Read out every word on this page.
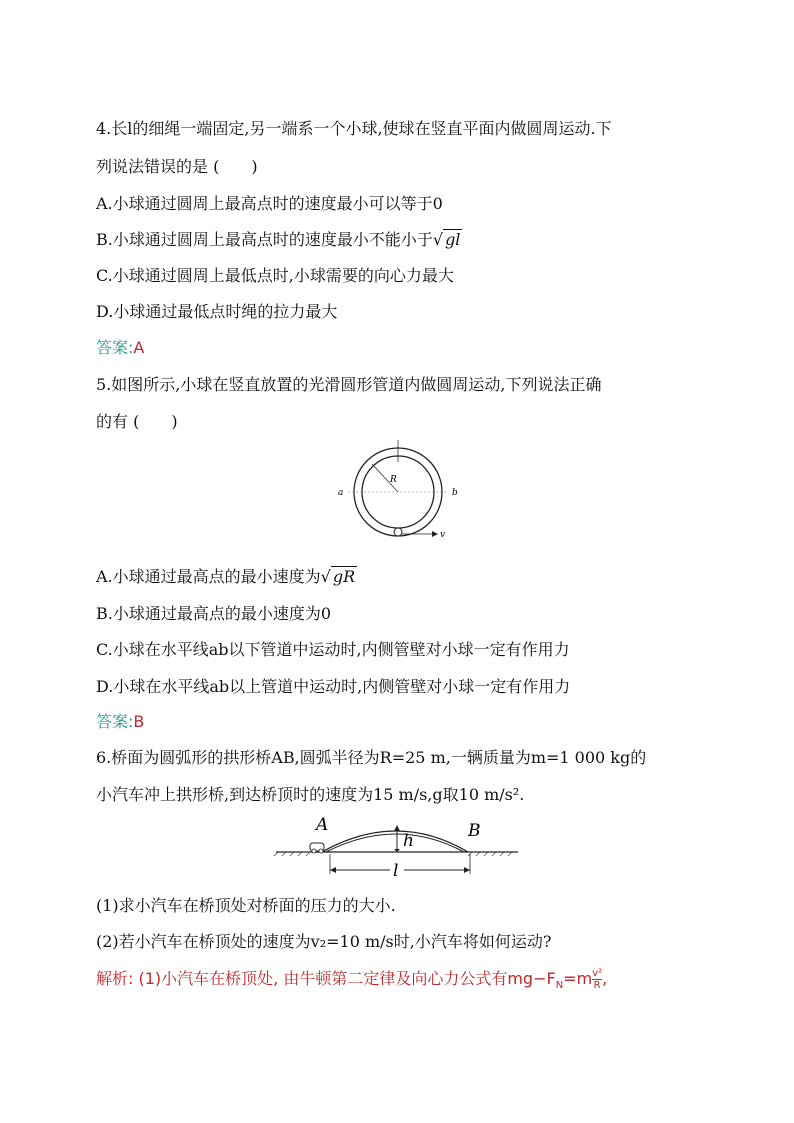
4.长l的细绳一端固定,另一端系一个小球,使球在竖直平面内做圆周运动.下
列说法错误的是 (　　)
A.小球通过圆周上最高点时的速度最小可以等于0
B.小球通过圆周上最高点时的速度最小不能小于√ gl
C.小球通过圆周上最低点时,小球需要的向心力最大
D.小球通过最低点时绳的拉力最大
答案:A
5.如图所示,小球在竖直放置的光滑圆形管道内做圆周运动,下列说法正确
的有 (　　)
R
a	b
v
A.小球通过最高点的最小速度为√ gR
B.小球通过最高点的最小速度为0
C.小球在水平线ab以下管道中运动时,内侧管壁对小球一定有作用力
D.小球在水平线ab以上管道中运动时,内侧管壁对小球一定有作用力
答案:B
6.桥面为圆弧形的拱形桥AB,圆弧半径为R=25 m,一辆质量为m=1 000 kg的
小汽车冲上拱形桥,到达桥顶时的速度为15 m/s,g取10 m/s².
A	B
h
l
(1)求小汽车在桥顶处对桥面的压力的大小.
(2)若小汽车在桥顶处的速度为v₂=10 m/s时,小汽车将如何运动?
解析: (1)小汽车在桥顶处, 由牛顿第二定律及向心力公式有$mg-F_N=m \frac{\text{v²}}{R}$ ,
